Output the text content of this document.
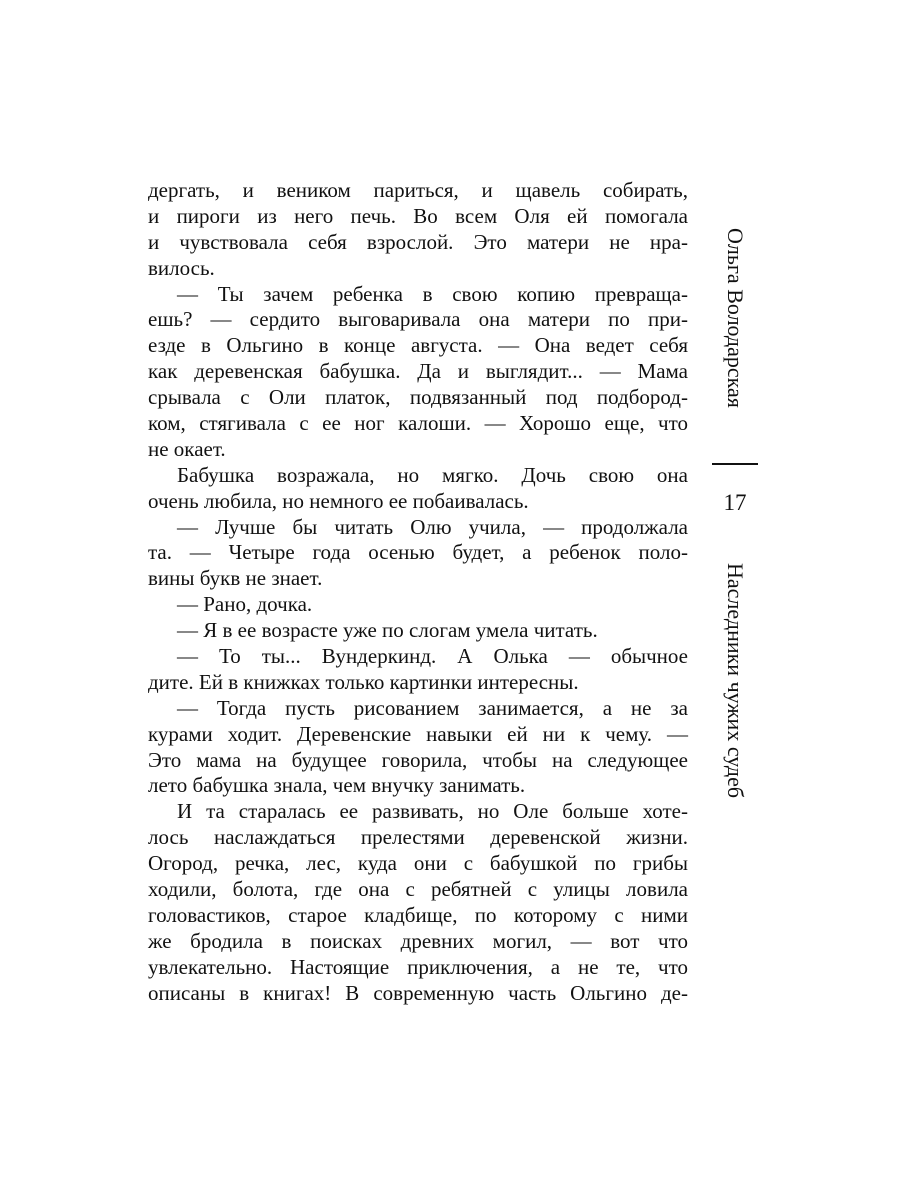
дергать, и веником париться, и щавель собирать,
и пироги из него печь. Во всем Оля ей помогала
и чувствовала себя взрослой. Это матери не нра-
вилось.
— Ты зачем ребенка в свою копию превраща-
ешь? — сердито выговаривала она матери по при-
езде в Ольгино в конце августа. — Она ведет себя
как деревенская бабушка. Да и выглядит... — Мама
срывала с Оли платок, подвязанный под подбород-
ком, стягивала с ее ног калоши. — Хорошо еще, что
не окает.
Бабушка возражала, но мягко. Дочь свою она
очень любила, но немного ее побаивалась.
— Лучше бы читать Олю учила, — продолжала
та. — Четыре года осенью будет, а ребенок поло-
вины букв не знает.
— Рано, дочка.
— Я в ее возрасте уже по слогам умела читать.
— То ты... Вундеркинд. А Олька — обычное
дите. Ей в книжках только картинки интересны.
— Тогда пусть рисованием занимается, а не за
курами ходит. Деревенские навыки ей ни к чему. —
Это мама на будущее говорила, чтобы на следующее
лето бабушка знала, чем внучку занимать.
И та старалась ее развивать, но Оле больше хоте-
лось наслаждаться прелестями деревенской жизни.
Огород, речка, лес, куда они с бабушкой по грибы
ходили, болота, где она с ребятней с улицы ловила
головастиков, старое кладбище, по которому с ними
же бродила в поисках древних могил, — вот что
увлекательно. Настоящие приключения, а не те, что
описаны в книгах! В современную часть Ольгино де-
Ольга Володарская
17
Наследники чужих судеб
